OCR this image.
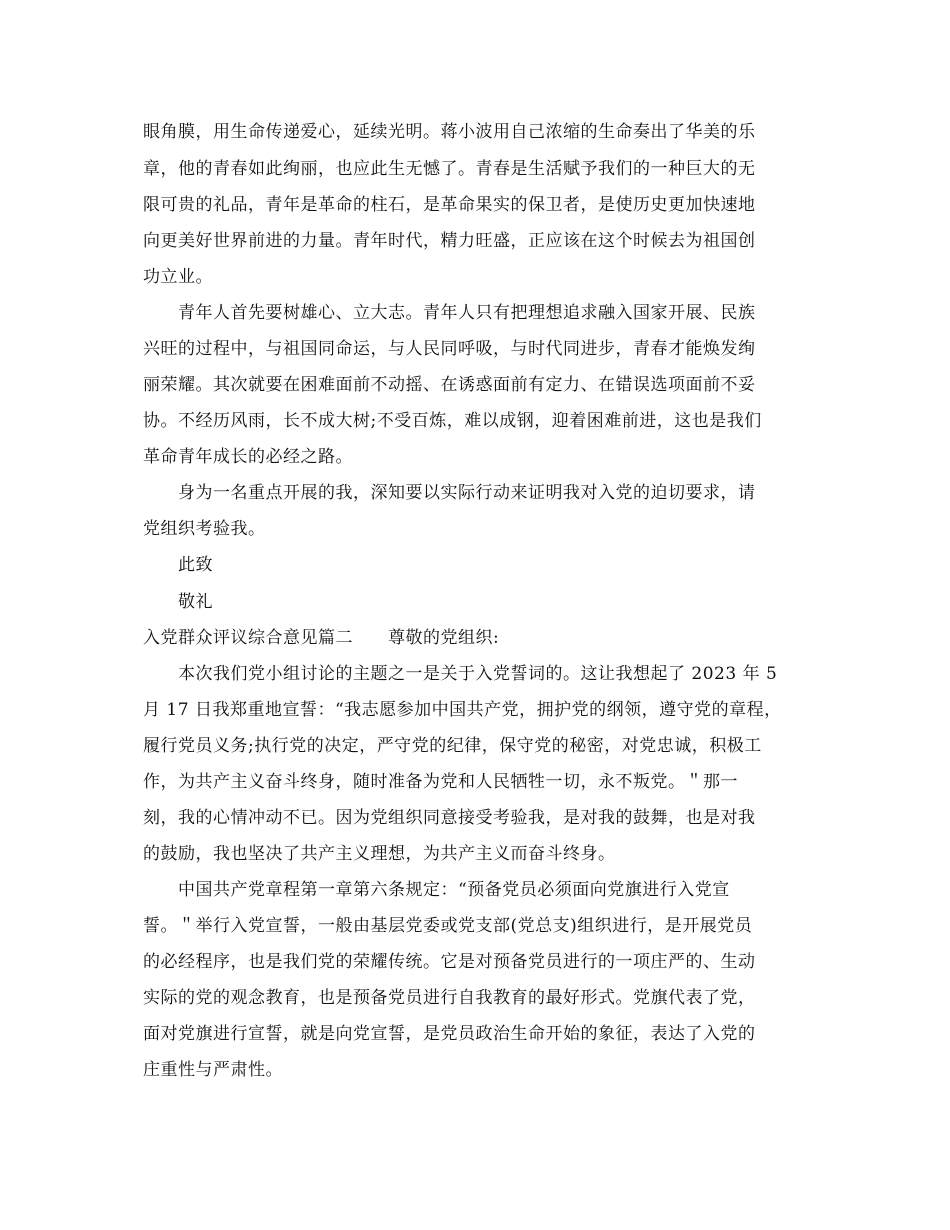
眼角膜，用生命传递爱心，延续光明。蒋小波用自己浓缩的生命奏出了华美的乐
章，他的青春如此绚丽，也应此生无憾了。青春是生活赋予我们的一种巨大的无
限可贵的礼品，青年是革命的柱石，是革命果实的保卫者，是使历史更加快速地
向更美好世界前进的力量。青年时代，精力旺盛，正应该在这个时候去为祖国创
功立业。
青年人首先要树雄心、立大志。青年人只有把理想追求融入国家开展、民族
兴旺的过程中，与祖国同命运，与人民同呼吸，与时代同进步，青春才能焕发绚
丽荣耀。其次就要在困难面前不动摇、在诱惑面前有定力、在错误选项面前不妥
协。不经历风雨，长不成大树;不受百炼，难以成钢，迎着困难前进，这也是我们
革命青年成长的必经之路。
身为一名重点开展的我，深知要以实际行动来证明我对入党的迫切要求，请
党组织考验我。
此致
敬礼
入党群众评议综合意见篇二　　尊敬的党组织:
本次我们党小组讨论的主题之一是关于入党誓词的。这让我想起了 2023 年 5
月 17 日我郑重地宣誓：“我志愿参加中国共产党，拥护党的纲领，遵守党的章程，
履行党员义务;执行党的决定，严守党的纪律，保守党的秘密，对党忠诚，积极工
作，为共产主义奋斗终身，随时准备为党和人民牺牲一切，永不叛党。＂那一
刻，我的心情冲动不已。因为党组织同意接受考验我，是对我的鼓舞，也是对我
的鼓励，我也坚决了共产主义理想，为共产主义而奋斗终身。
中国共产党章程第一章第六条规定：“预备党员必须面向党旗进行入党宣
誓。＂举行入党宣誓，一般由基层党委或党支部(党总支)组织进行，是开展党员
的必经程序，也是我们党的荣耀传统。它是对预备党员进行的一项庄严的、生动
实际的党的观念教育，也是预备党员进行自我教育的最好形式。党旗代表了党，
面对党旗进行宣誓，就是向党宣誓，是党员政治生命开始的象征，表达了入党的
庄重性与严肃性。
